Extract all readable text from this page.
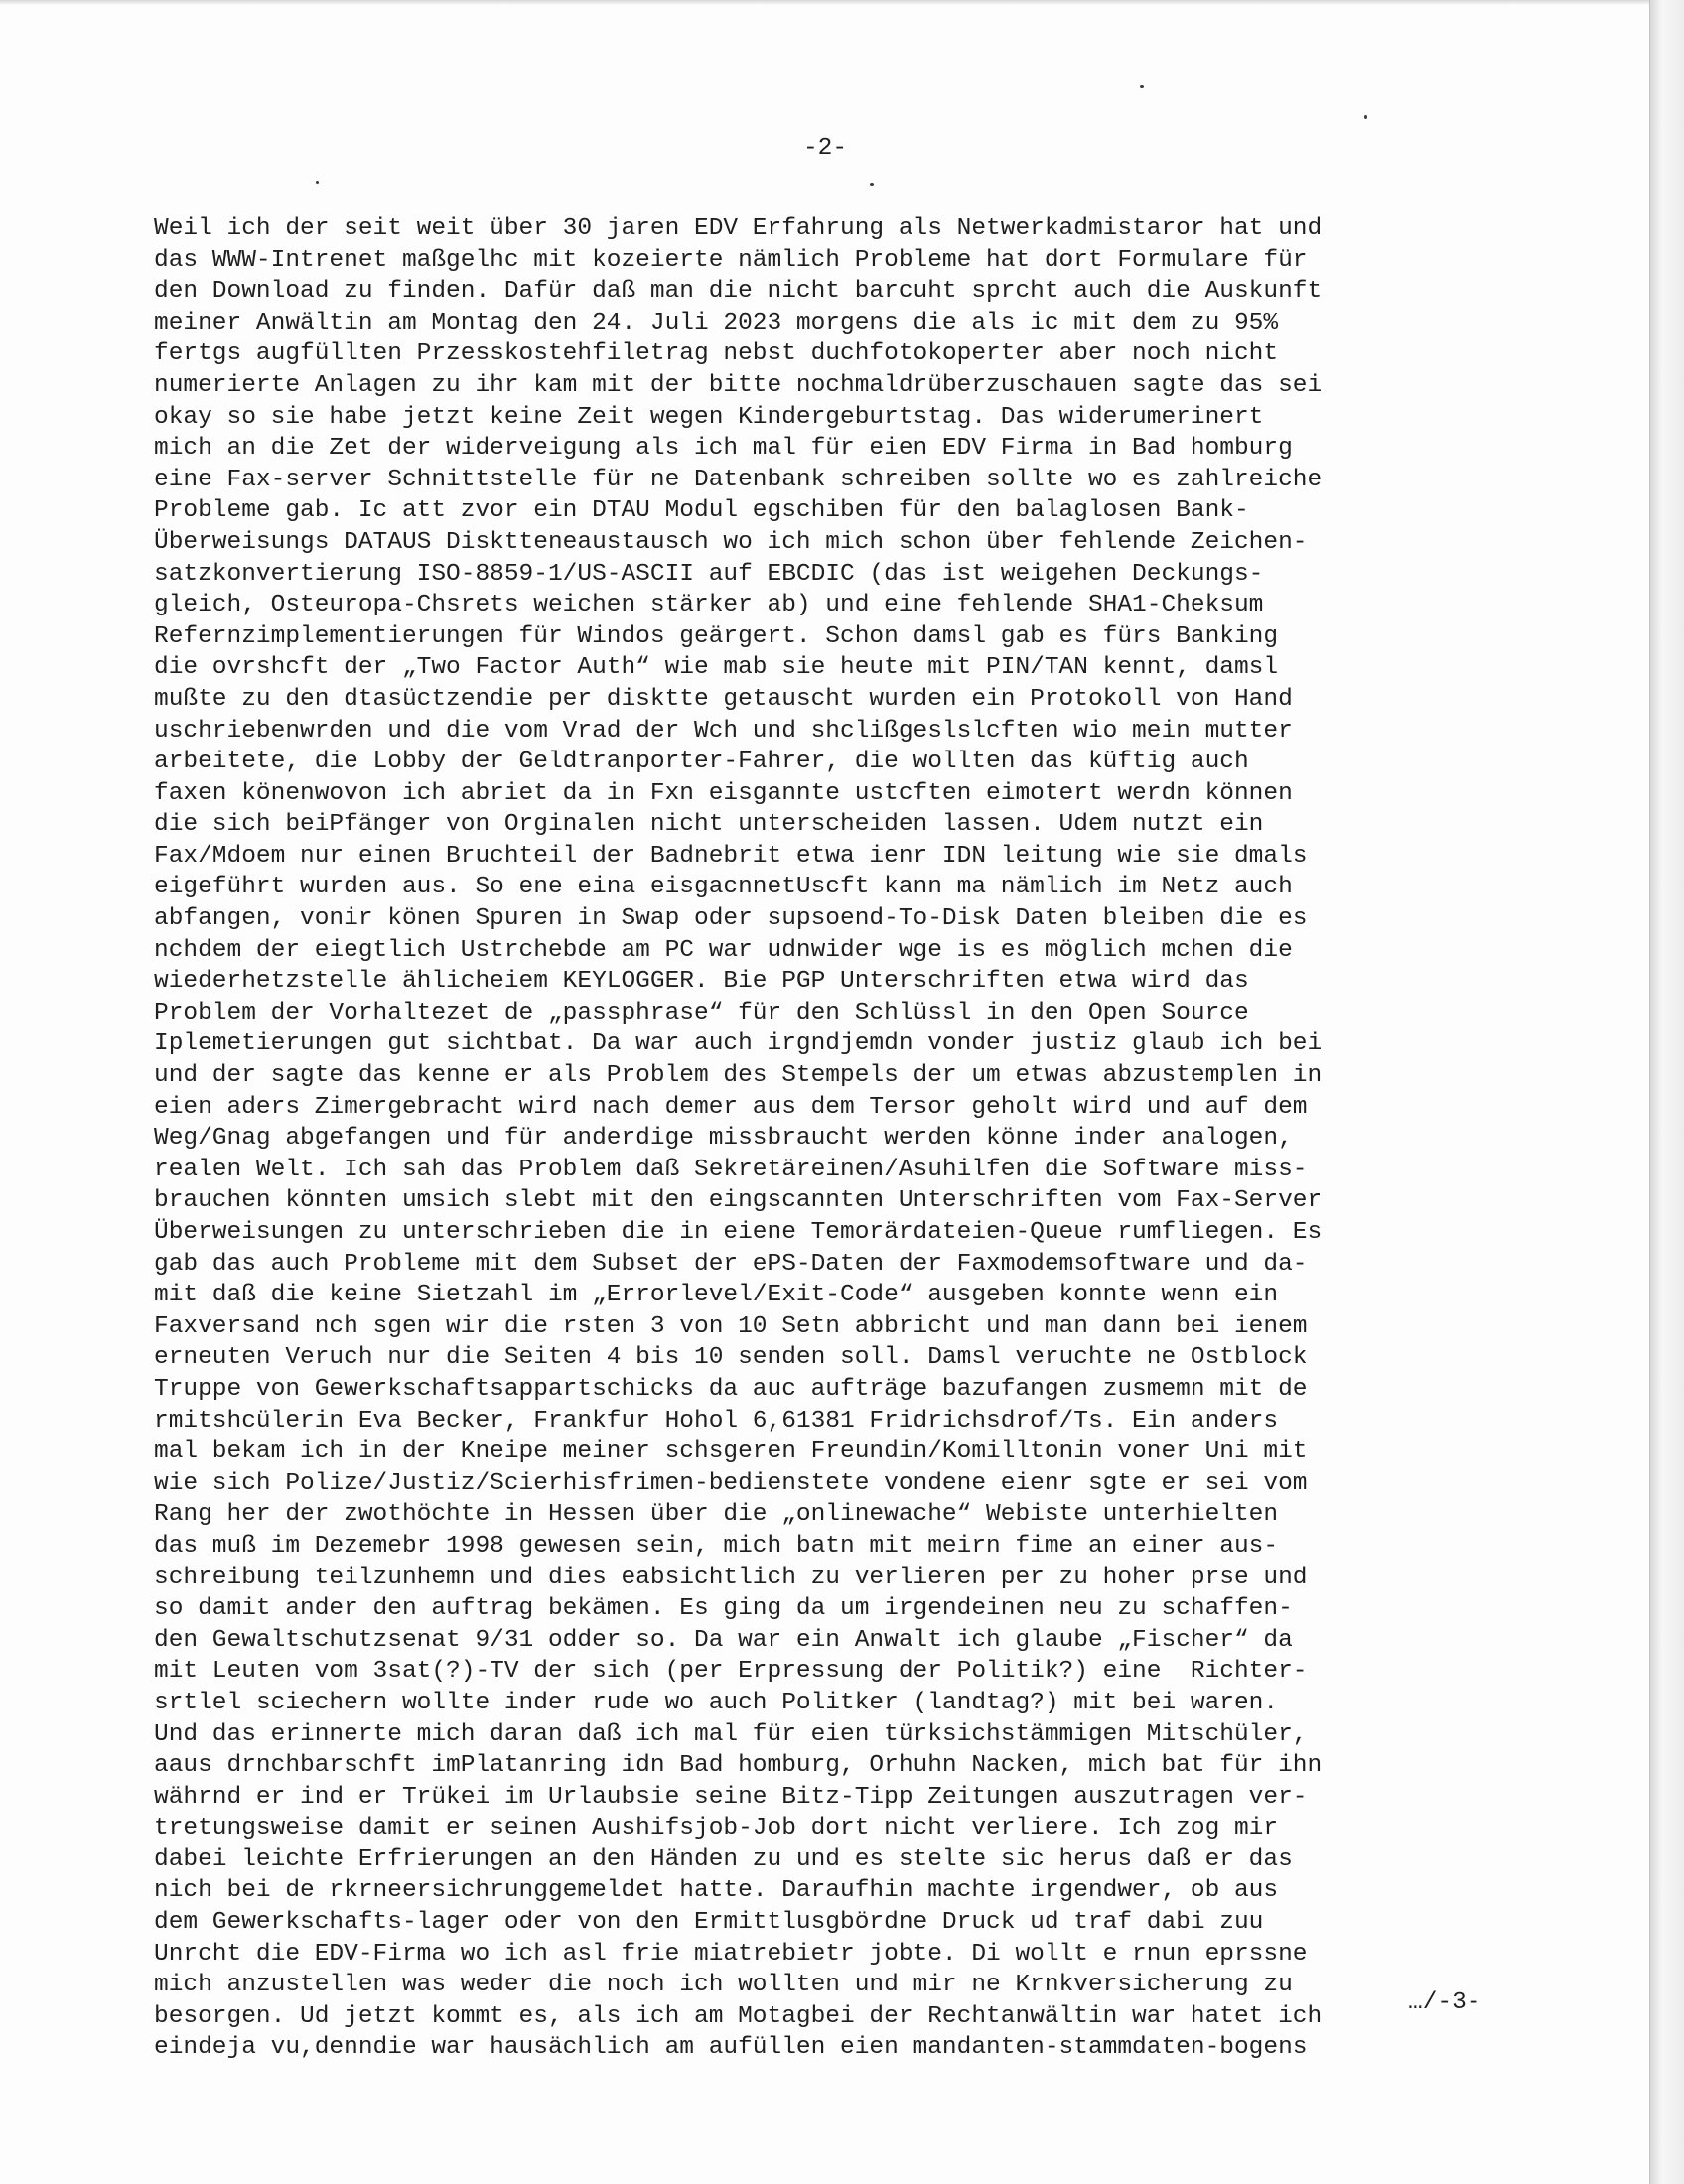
-2-
Weil ich der seit weit über 30 jaren EDV Erfahrung als Netwerkadmistaror hat und
das WWW-Intrenet maßgelhc mit kozeierte nämlich Probleme hat dort Formulare für
den Download zu finden. Dafür daß man die nicht barcuht sprcht auch die Auskunft
meiner Anwältin am Montag den 24. Juli 2023 morgens die als ic mit dem zu 95%
fertgs augfüllten Przesskostehfiletrag nebst duchfotokoperter aber noch nicht
numerierte Anlagen zu ihr kam mit der bitte nochmaldrüberzuschauen sagte das sei
okay so sie habe jetzt keine Zeit wegen Kindergeburtstag. Das widerumerinert
mich an die Zet der widerveigung als ich mal für eien EDV Firma in Bad homburg
eine Fax-server Schnittstelle für ne Datenbank schreiben sollte wo es zahlreiche
Probleme gab. Ic att zvor ein DTAU Modul egschiben für den balaglosen Bank-
Überweisungs DATAUS Disktteneaustausch wo ich mich schon über fehlende Zeichen-
satzkonvertierung ISO-8859-1/US-ASCII auf EBCDIC (das ist weigehen Deckungs-
gleich, Osteuropa-Chsrets weichen stärker ab) und eine fehlende SHA1-Cheksum
Refernzimplementierungen für Windos geärgert. Schon damsl gab es fürs Banking
die ovrshcft der „Two Factor Auth“ wie mab sie heute mit PIN/TAN kennt, damsl
mußte zu den dtasüctzendie per disktte getauscht wurden ein Protokoll von Hand
uschriebenwrden und die vom Vrad der Wch und shclißgeslslcften wio mein mutter
arbeitete, die Lobby der Geldtranporter-Fahrer, die wollten das küftig auch
faxen könenwovon ich abriet da in Fxn eisgannte ustcften eimotert werdn können
die sich beiPfänger von Orginalen nicht unterscheiden lassen. Udem nutzt ein
Fax/Mdoem nur einen Bruchteil der Badnebrit etwa ienr IDN leitung wie sie dmals
eigeführt wurden aus. So ene eina eisgacnnetUscft kann ma nämlich im Netz auch
abfangen, vonir könen Spuren in Swap oder supsoend-To-Disk Daten bleiben die es
nchdem der eiegtlich Ustrchebde am PC war udnwider wge is es möglich mchen die
wiederhetzstelle ählicheiem KEYLOGGER. Bie PGP Unterschriften etwa wird das
Problem der Vorhaltezet de „passphrase“ für den Schlüssl in den Open Source
Iplemetierungen gut sichtbat. Da war auch irgndjemdn vonder justiz glaub ich bei
und der sagte das kenne er als Problem des Stempels der um etwas abzustemplen in
eien aders Zimergebracht wird nach demer aus dem Tersor geholt wird und auf dem
Weg/Gnag abgefangen und für anderdige missbraucht werden könne inder analogen,
realen Welt. Ich sah das Problem daß Sekretäreinen/Asuhilfen die Software miss-
brauchen könnten umsich slebt mit den eingscannten Unterschriften vom Fax-Server
Überweisungen zu unterschrieben die in eiene Temorärdateien-Queue rumfliegen. Es
gab das auch Probleme mit dem Subset der ePS-Daten der Faxmodemsoftware und da-
mit daß die keine Sietzahl im „Errorlevel/Exit-Code“ ausgeben konnte wenn ein
Faxversand nch sgen wir die rsten 3 von 10 Setn abbricht und man dann bei ienem
erneuten Veruch nur die Seiten 4 bis 10 senden soll. Damsl veruchte ne Ostblock
Truppe von Gewerkschaftsappartschicks da auc aufträge bazufangen zusmemn mit de
rmitshcülerin Eva Becker, Frankfur Hohol 6,61381 Fridrichsdrof/Ts. Ein anders
mal bekam ich in der Kneipe meiner schsgeren Freundin/Komilltonin voner Uni mit
wie sich Polize/Justiz/Scierhisfrimen-bedienstete vondene eienr sgte er sei vom
Rang her der zwothöchte in Hessen über die „onlinewache“ Webiste unterhielten
das muß im Dezemebr 1998 gewesen sein, mich batn mit meirn fime an einer aus-
schreibung teilzunhemn und dies eabsichtlich zu verlieren per zu hoher prse und
so damit ander den auftrag bekämen. Es ging da um irgendeinen neu zu schaffen-
den Gewaltschutzsenat 9/31 odder so. Da war ein Anwalt ich glaube „Fischer“ da
mit Leuten vom 3sat(?)-TV der sich (per Erpressung der Politik?) eine  Richter-
srtlel sciechern wollte inder rude wo auch Politker (landtag?) mit bei waren.
Und das erinnerte mich daran daß ich mal für eien türksichstämmigen Mitschüler,
aaus drnchbarschft imPlatanring idn Bad homburg, Orhuhn Nacken, mich bat für ihn
währnd er ind er Trükei im Urlaubsie seine Bitz-Tipp Zeitungen auszutragen ver-
tretungsweise damit er seinen Aushifsjob-Job dort nicht verliere. Ich zog mir
dabei leichte Erfrierungen an den Händen zu und es stelte sic herus daß er das
nich bei de rkrneersichrunggemeldet hatte. Daraufhin machte irgendwer, ob aus
dem Gewerkschafts-lager oder von den Ermittlusgbördne Druck ud traf dabi zuu
Unrcht die EDV-Firma wo ich asl frie miatrebietr jobte. Di wollt e rnun eprssne
mich anzustellen was weder die noch ich wollten und mir ne Krnkversicherung zu
besorgen. Ud jetzt kommt es, als ich am Motagbei der Rechtanwältin war hatet ich
eindeja vu,denndie war hausächlich am aufüllen eien mandanten-stammdaten-bogens
…/-3-
